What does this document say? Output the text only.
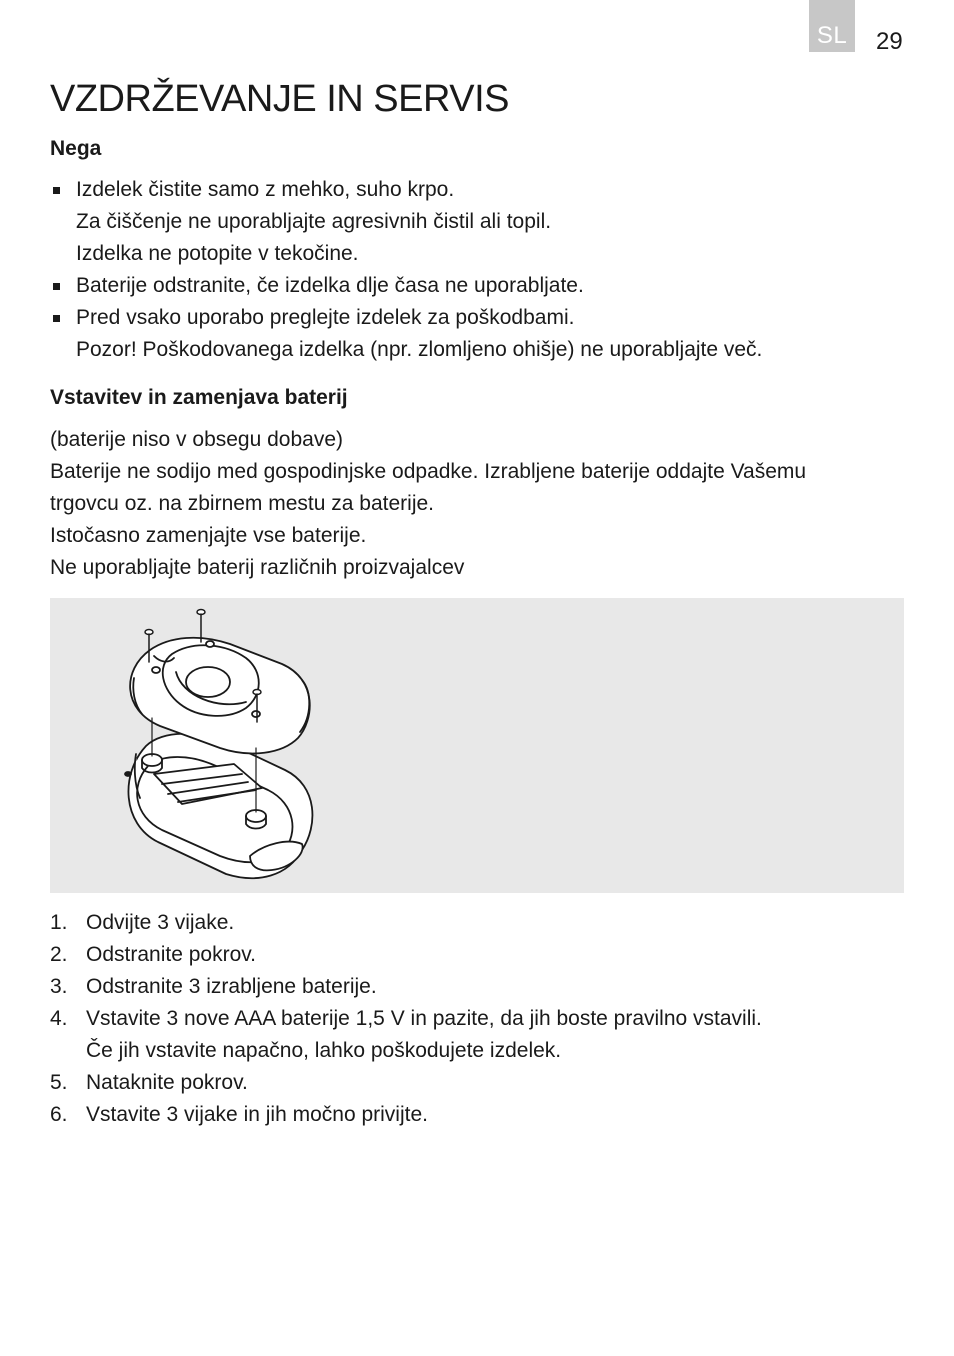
SL 29
VZDRŽEVANJE IN SERVIS
Nega
Izdelek čistite samo z mehko, suho krpo.
Za čiščenje ne uporabljajte agresivnih čistil ali topil.
Izdelka ne potopite v tekočine.
Baterije odstranite, če izdelka dlje časa ne uporabljate.
Pred vsako uporabo preglejte izdelek za poškodbami.
Pozor! Poškodovanega izdelka (npr. zlomljeno ohišje) ne uporabljajte več.
Vstavitev in zamenjava baterij
(baterije niso v obsegu dobave)
Baterije ne sodijo med gospodinjske odpadke. Izrabljene baterije oddajte Vašemu
trgovcu oz. na zbirnem mestu za baterije.
Istočasno zamenjajte vse baterije.
Ne uporabljajte baterij različnih proizvajalcev
1. Odvijte 3 vijake.
2. Odstranite pokrov.
3. Odstranite 3 izrabljene baterije.
4. Vstavite 3 nove AAA baterije 1,5 V in pazite, da jih boste pravilno vstavili.
Če jih vstavite napačno, lahko poškodujete izdelek.
5. Nataknite pokrov.
6. Vstavite 3 vijake in jih močno privijte.
